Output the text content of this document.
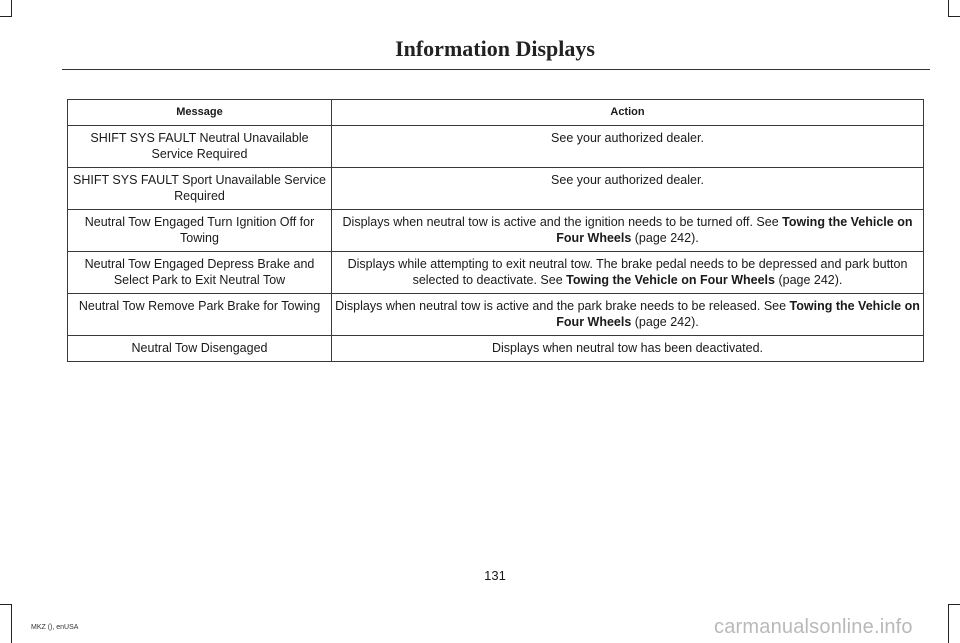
Information Displays
Message	Action
SHIFT SYS FAULT Neutral Unavailable Service Required	See your authorized dealer.
SHIFT SYS FAULT Sport Unavailable Service Required	See your authorized dealer.
Neutral Tow Engaged Turn Ignition Off for Towing	Displays when neutral tow is active and the ignition needs to be turned off. See Towing the Vehicle on Four Wheels (page 242).
Neutral Tow Engaged Depress Brake and Select Park to Exit Neutral Tow	Displays while attempting to exit neutral tow. The brake pedal needs to be depressed and park button selected to deactivate. See Towing the Vehicle on Four Wheels (page 242).
Neutral Tow Remove Park Brake for Towing	Displays when neutral tow is active and the park brake needs to be released. See Towing the Vehicle on Four Wheels (page 242).
Neutral Tow Disengaged	Displays when neutral tow has been deactivated.
131
MKZ (), enUSA	carmanualsonline.info
